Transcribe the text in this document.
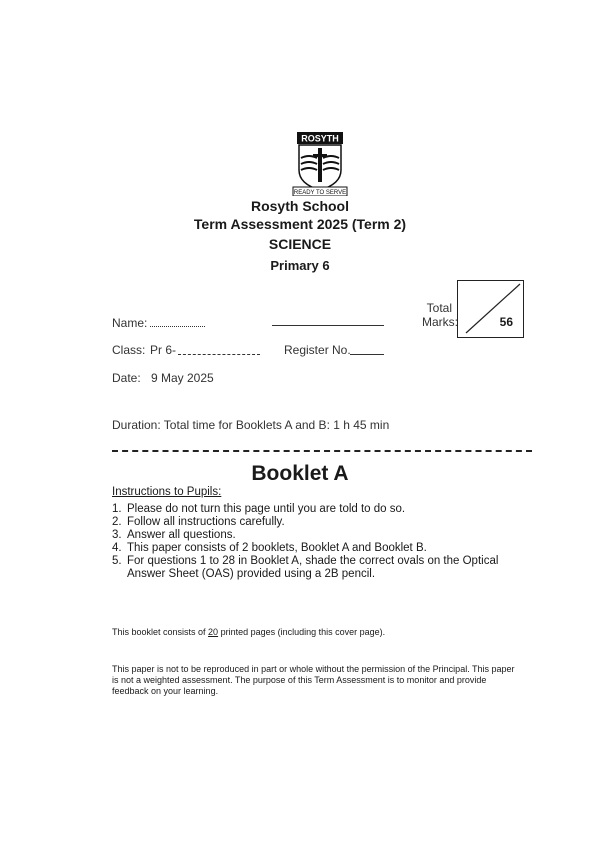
ROSYTH
READY TO SERVE
Rosyth School
Term Assessment 2025 (Term 2)
SCIENCE
Primary 6
Name:
Total Marks:	56
Class: Pr 6-	Register No.
Date: 9 May 2025
Duration: Total time for Booklets A and B: 1 h 45 min
Booklet A
Instructions to Pupils:
1. Please do not turn this page until you are told to do so.
2. Follow all instructions carefully.
3. Answer all questions.
4. This paper consists of 2 booklets, Booklet A and Booklet B.
5. For questions 1 to 28 in Booklet A, shade the correct ovals on the Optical Answer Sheet (OAS) provided using a 2B pencil.
This booklet consists of 20 printed pages (including this cover page).
This paper is not to be reproduced in part or whole without the permission of the Principal. This paper is not a weighted assessment. The purpose of this Term Assessment is to monitor and provide feedback on your learning.
